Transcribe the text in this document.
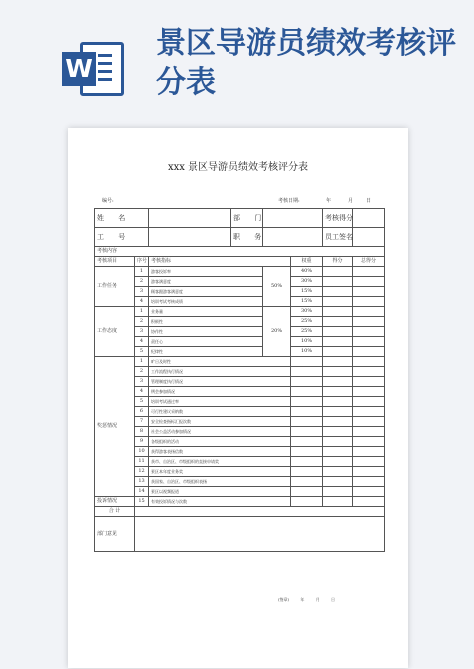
W
景区导游员绩效考核评分表
xxx 景区导游员绩效考核评分表
编号:	考核日期:	年	月	日
姓 名			部 门			考核得分	
工 号			职 务			员工签名	
考核内容							
考核项目	序号	考核指标			权重	得分	总得分
工作任务	1	游客投诉率		50%	40%		
	2	游客满意度			30%		
	3	顾客跟游客满意度			15%		
	4	培训考试考核成绩			15%		
工作态度	1	业务量		20%	30%		
	2	积极性			25%		
	3	协作性			25%		
	4	责任心			10%		
	5	纪律性			10%		
奖惩情况	1	旷日及时性					
	2	工作流程执行情况					
	3	管理制度执行情况					
	4	例会参加情况					
	5	培训考试通过率					
	6	可行性建议采纳数					
	7	安全检查指标汇报次数					
	8	社会公益活动参加情况					
	9	各级组织的活动					
	10	获得游客表扬信数					
	11	获市、自治区、市级组织的直接申请奖					
	12	景区本年度业务奖					
	13	获国家、自治区、市级组织表扬					
	14	景区以视频报道					
投诉情况	15	有效投诉情况与次数					
合 计							
部门意见							
(签章)	年	月	日
